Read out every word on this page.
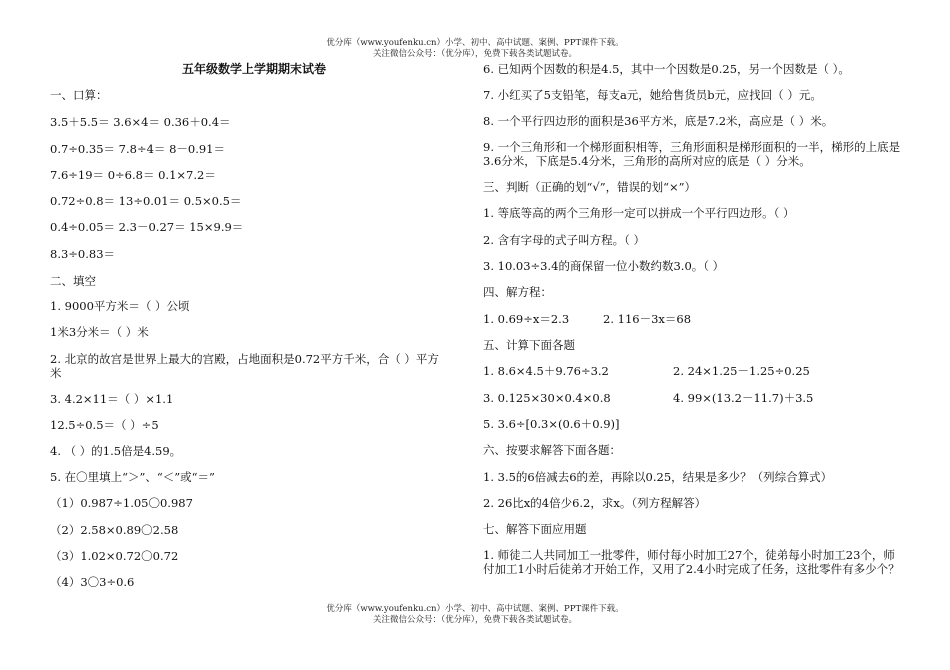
优分库（www.youfenku.cn）小学、初中、高中试题、案例、PPT课件下载。
关注微信公众号：（优分库），免费下载各类试题试卷。
五年级数学上学期期末试卷
一、口算：
3.5＋5.5＝ 3.6×4＝ 0.36＋0.4＝
0.7÷0.35＝ 7.8÷4＝ 8－0.91＝
7.6÷19＝ 0÷6.8＝ 0.1×7.2＝
0.72÷0.8＝ 13÷0.01＝ 0.5×0.5＝
0.4÷0.05＝ 2.3－0.27＝ 15×9.9＝
8.3÷0.83＝
二、填空
1. 9000平方米＝（ ）公顷
1米3分米＝（ ）米
2. 北京的故宫是世界上最大的宫殿，占地面积是0.72平方千米，合（ ）平方米
3. 4.2×11＝（ ）×1.1
12.5÷0.5＝（ ）÷5
4. （ ）的1.5倍是4.59。
5. 在〇里填上“＞”、“＜”或“＝”
（1）0.987÷1.05〇0.987
（2）2.58×0.89〇2.58
（3）1.02×0.72〇0.72
（4）3〇3÷0.6
6. 已知两个因数的积是4.5，其中一个因数是0.25，另一个因数是（ ）。
7. 小红买了5支铅笔，每支a元，她给售货员b元，应找回（ ）元。
8. 一个平行四边形的面积是36平方米，底是7.2米，高应是（ ）米。
9. 一个三角形和一个梯形面积相等，三角形面积是梯形面积的一半，梯形的上底是3.6分米，下底是5.4分米，三角形的高所对应的底是（ ）分米。
三、判断（正确的划“√”，错误的划“×”）
1. 等底等高的两个三角形一定可以拼成一个平行四边形。（ ）
2. 含有字母的式子叫方程。（ ）
3. 10.03÷3.4的商保留一位小数约数3.0。（ ）
四、解方程：
1. 0.69÷x＝2.3	2. 116－3x＝68
五、计算下面各题
1. 8.6×4.5＋9.76÷3.2	2. 24×1.25－1.25÷0.25
3. 0.125×30×0.4×0.8	4. 99×(13.2－11.7)＋3.5
5. 3.6÷[0.3×(0.6＋0.9)]
六、按要求解答下面各题：
1. 3.5的6倍减去6的差，再除以0.25，结果是多少？（列综合算式）
2. 26比x的4倍少6.2，求x。（列方程解答）
七、解答下面应用题
1. 师徒二人共同加工一批零件，师付每小时加工27个，徒弟每小时加工23个，师付加工1小时后徒弟才开始工作，又用了2.4小时完成了任务，这批零件有多少个？
优分库（www.youfenku.cn）小学、初中、高中试题、案例、PPT课件下载。
关注微信公众号：（优分库），免费下载各类试题试卷。
